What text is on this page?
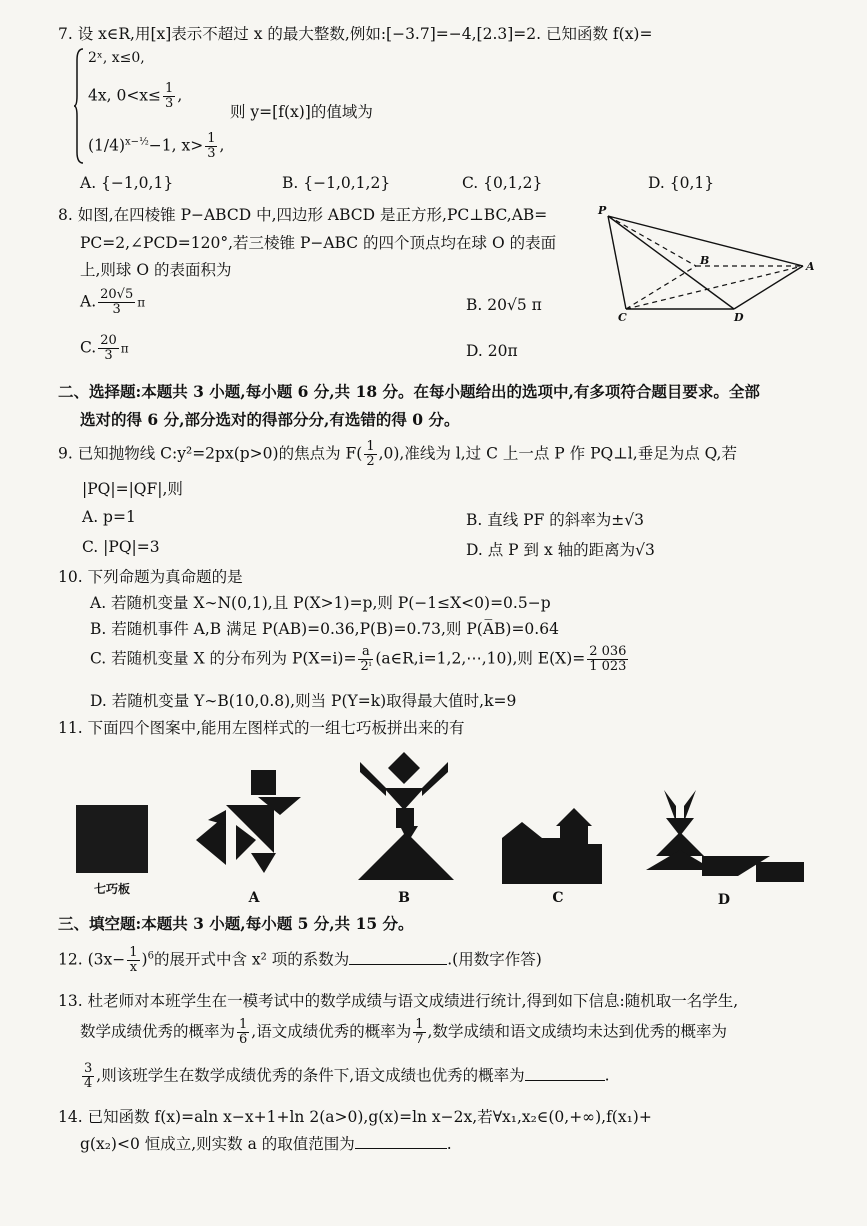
7. 设 x∈R,用[x]表示不超过 x 的最大整数,例如:[−3.7]=−4,[2.3]=2. 已知函数 f(x)=
2ˣ, x≤0,
4x, $0<x\le \frac{1}{3}$ ,
则 y=[f(x)]的值域为
$(1/4)^{x-\frac{1}{2}}-1$, $x> \frac{1}{3}$ ,
A. {−1,0,1}	B. {−1,0,1,2}	C. {0,1,2}	D. {0,1}
8. 如图,在四棱锥 P−ABCD 中,四边形 ABCD 是正方形,PC⊥BC,AB=
PC=2,∠PCD=120°,若三棱锥 P−ABC 的四个顶点均在球 O 的表面
上,则球 O 的表面积为
A. $\frac{20√5}{3}$ π	B. 20√5 π
C. $\frac{20}{3}$ π	D. 20π
P
B	A
C	D
二、选择题:本题共 3 小题,每小题 6 分,共 18 分。在每小题给出的选项中,有多项符合题目要求。全部
选对的得 6 分,部分选对的得部分分,有选错的得 0 分。
9. 已知抛物线 C:y²=2px(p>0)的焦点为 $F( \frac{1}{2} ,0)$,准线为 l,过 C 上一点 P 作 PQ⊥l,垂足为点 Q,若
|PQ|=|QF|,则
A. p=1	B. 直线 PF 的斜率为±√3
C. |PQ|=3	D. 点 P 到 x 轴的距离为√3
10. 下列命题为真命题的是
A. 若随机变量 X∼N(0,1),且 P(X>1)=p,则 P(−1≤X<0)=0.5−p
B. 若随机事件 A,B 满足 P(AB)=0.36,P(B)=0.73,则 P(A̅B)=0.64
C. 若随机变量 X 的分布列为 $P(X=i)= \frac{a}{\text{2ⁱ}}$ (a∈R,i=1,2,⋯,10),则 $E(X)= \frac{2 036}{1 023}$
D. 若随机变量 Y∼B(10,0.8),则当 P(Y=k)取得最大值时,k=9
11. 下面四个图案中,能用左图样式的一组七巧板拼出来的有
七巧板
A	B	C	D
三、填空题:本题共 3 小题,每小题 5 分,共 15 分。
12. $(3x- \frac{1}{x} )^6$的展开式中含 x² 项的系数为	.(用数字作答)
13. 杜老师对本班学生在一模考试中的数学成绩与语文成绩进行统计,得到如下信息:随机取一名学生,
数学成绩优秀的概率为 $\frac{1}{6}$ ,语文成绩优秀的概率为 $\frac{1}{7}$ ,数学成绩和语文成绩均未达到优秀的概率为
$\frac{3}{4}$ ,则该班学生在数学成绩优秀的条件下,语文成绩也优秀的概率为	.
14. 已知函数 f(x)=aln x−x+1+ln 2(a>0),g(x)=ln x−2x,若∀x₁,x₂∈(0,+∞),f(x₁)+
g(x₂)<0 恒成立,则实数 a 的取值范围为	.
